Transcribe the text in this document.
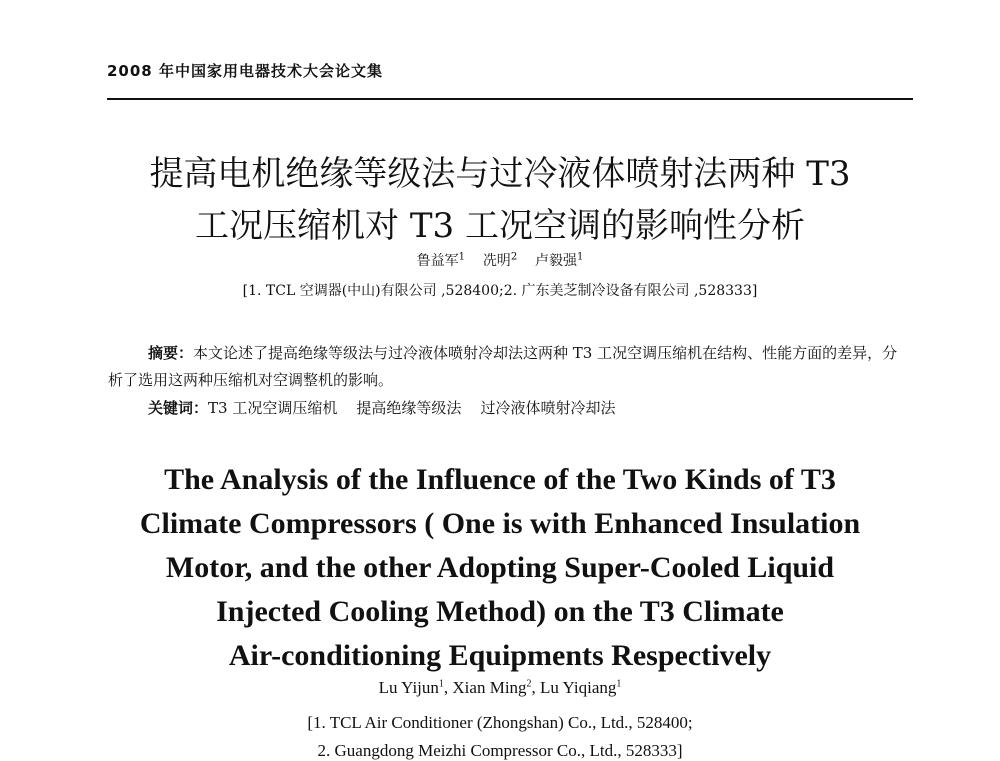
2008 年中国家用电器技术大会论文集
提高电机绝缘等级法与过冷液体喷射法两种 T3
工况压缩机对 T3 工况空调的影响性分析
鲁益军$^1$ 冼明$^2$ 卢毅强$^1$
[1. TCL 空调器(中山)有限公司 ,528400;2. 广东美芝制冷设备有限公司 ,528333]
摘要：本文论述了提高绝缘等级法与过冷液体喷射冷却法这两种 T3 工况空调压缩机在结构、性能方面的差异，分析了选用这两种压缩机对空调整机的影响。
关键词：T3 工况空调压缩机 提高绝缘等级法 过冷液体喷射冷却法
The Analysis of the Influence of the Two Kinds of T3
Climate Compressors ( One is with Enhanced Insulation
Motor, and the other Adopting Super-Cooled Liquid
Injected Cooling Method) on the T3 Climate
Air-conditioning Equipments Respectively
Lu Yijun$^1$, Xian Ming$^2$, Lu Yiqiang$^1$
[1. TCL Air Conditioner (Zhongshan) Co., Ltd., 528400;
2. Guangdong Meizhi Compressor Co., Ltd., 528333]
